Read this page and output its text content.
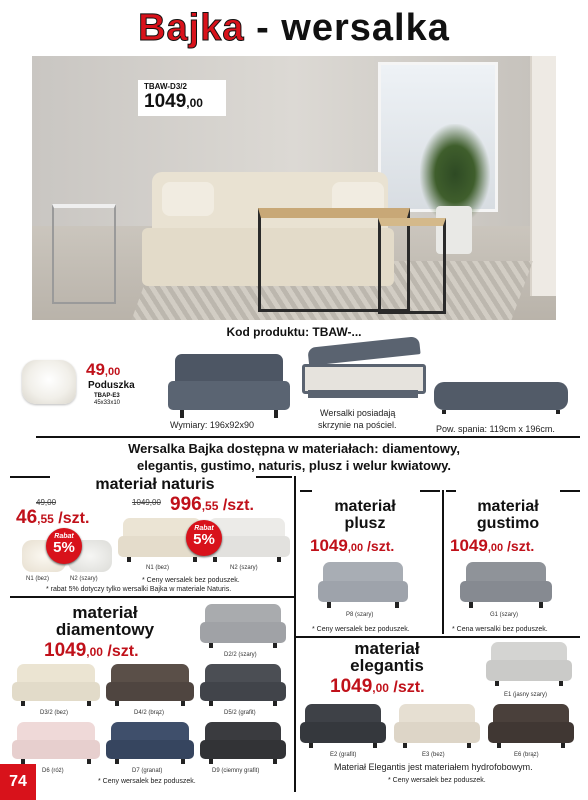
Bajka - wersalka
TBAW-D3/2
1049,00
Kod produktu: TBAW-...
49,00
Poduszka
TBAP-E3
45x33x10
Wymiary: 196x92x90
Wersalki posiadają
skrzynie na pościel.	Pow. spania: 119cm x 196cm.
Wersalka Bajka dostępna w materiałach: diamentowy,
elegantis, gustimo, naturis, plusz i welur kwiatowy.
materiał naturis
49,00
46,55 /szt.
1049,00 996,55 /szt.
Rabat
5%
N1 (bez)	N2 (szary)
Rabat
5%
N1 (bez)	N2 (szary)
* Ceny wersalek bez poduszek.
* rabat 5% dotyczy tylko wersalki Bajka w materiale Naturis.
materiał
plusz
1049,00 /szt.
P8 (szary)
* Ceny wersalek bez poduszek.
materiał
gustimo
1049,00 /szt.
G1 (szary)
* Cena wersalki bez poduszek.
materiał
diamentowy
1049,00 /szt.	D2/2 (szary)
D3/2 (bez)	D4/2 (brąz)	D5/2 (grafit)
D6 (róż)	D7 (granat)	D9 (ciemny grafit)
* Ceny wersalek bez poduszek.
materiał
elegantis
1049,00 /szt.	E1 (jasny szary)
E2 (grafit)	E3 (bez)	E6 (brąz)
Materiał Elegantis jest materiałem hydrofobowym.
* Ceny wersalek bez poduszek.
74
